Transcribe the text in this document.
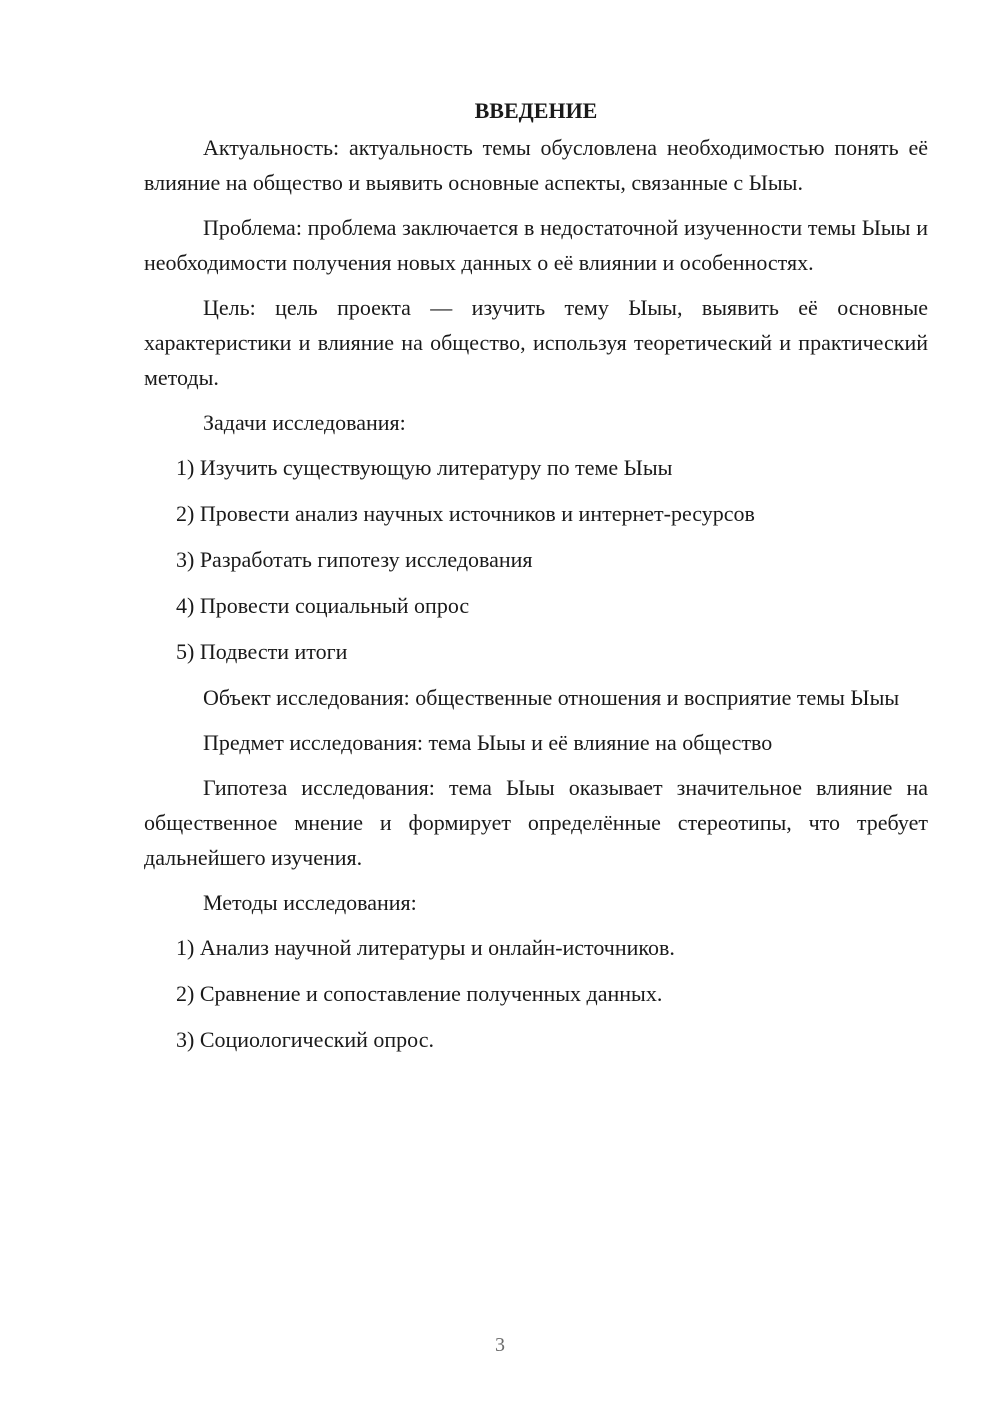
ВВЕДЕНИЕ

Актуальность: актуальность темы обусловлена необходимостью понять её влияние на общество и выявить основные аспекты, связанные с Ыыы.

Проблема: проблема заключается в недостаточной изученности темы Ыыы и необходимости получения новых данных о её влиянии и особенностях.

Цель: цель проекта — изучить тему Ыыы, выявить её основные характеристики и влияние на общество, используя теоретический и практический методы.

Задачи исследования:

1) Изучить существующую литературу по теме Ыыы

2) Провести анализ научных источников и интернет-ресурсов

3) Разработать гипотезу исследования

4) Провести социальный опрос

5) Подвести итоги

Объект исследования: общественные отношения и восприятие темы Ыыы

Предмет исследования: тема Ыыы и её влияние на общество

Гипотеза исследования: тема Ыыы оказывает значительное влияние на общественное мнение и формирует определённые стереотипы, что требует дальнейшего изучения.

Методы исследования:

1) Анализ научной литературы и онлайн-источников.

2) Сравнение и сопоставление полученных данных.

3) Социологический опрос.

3
